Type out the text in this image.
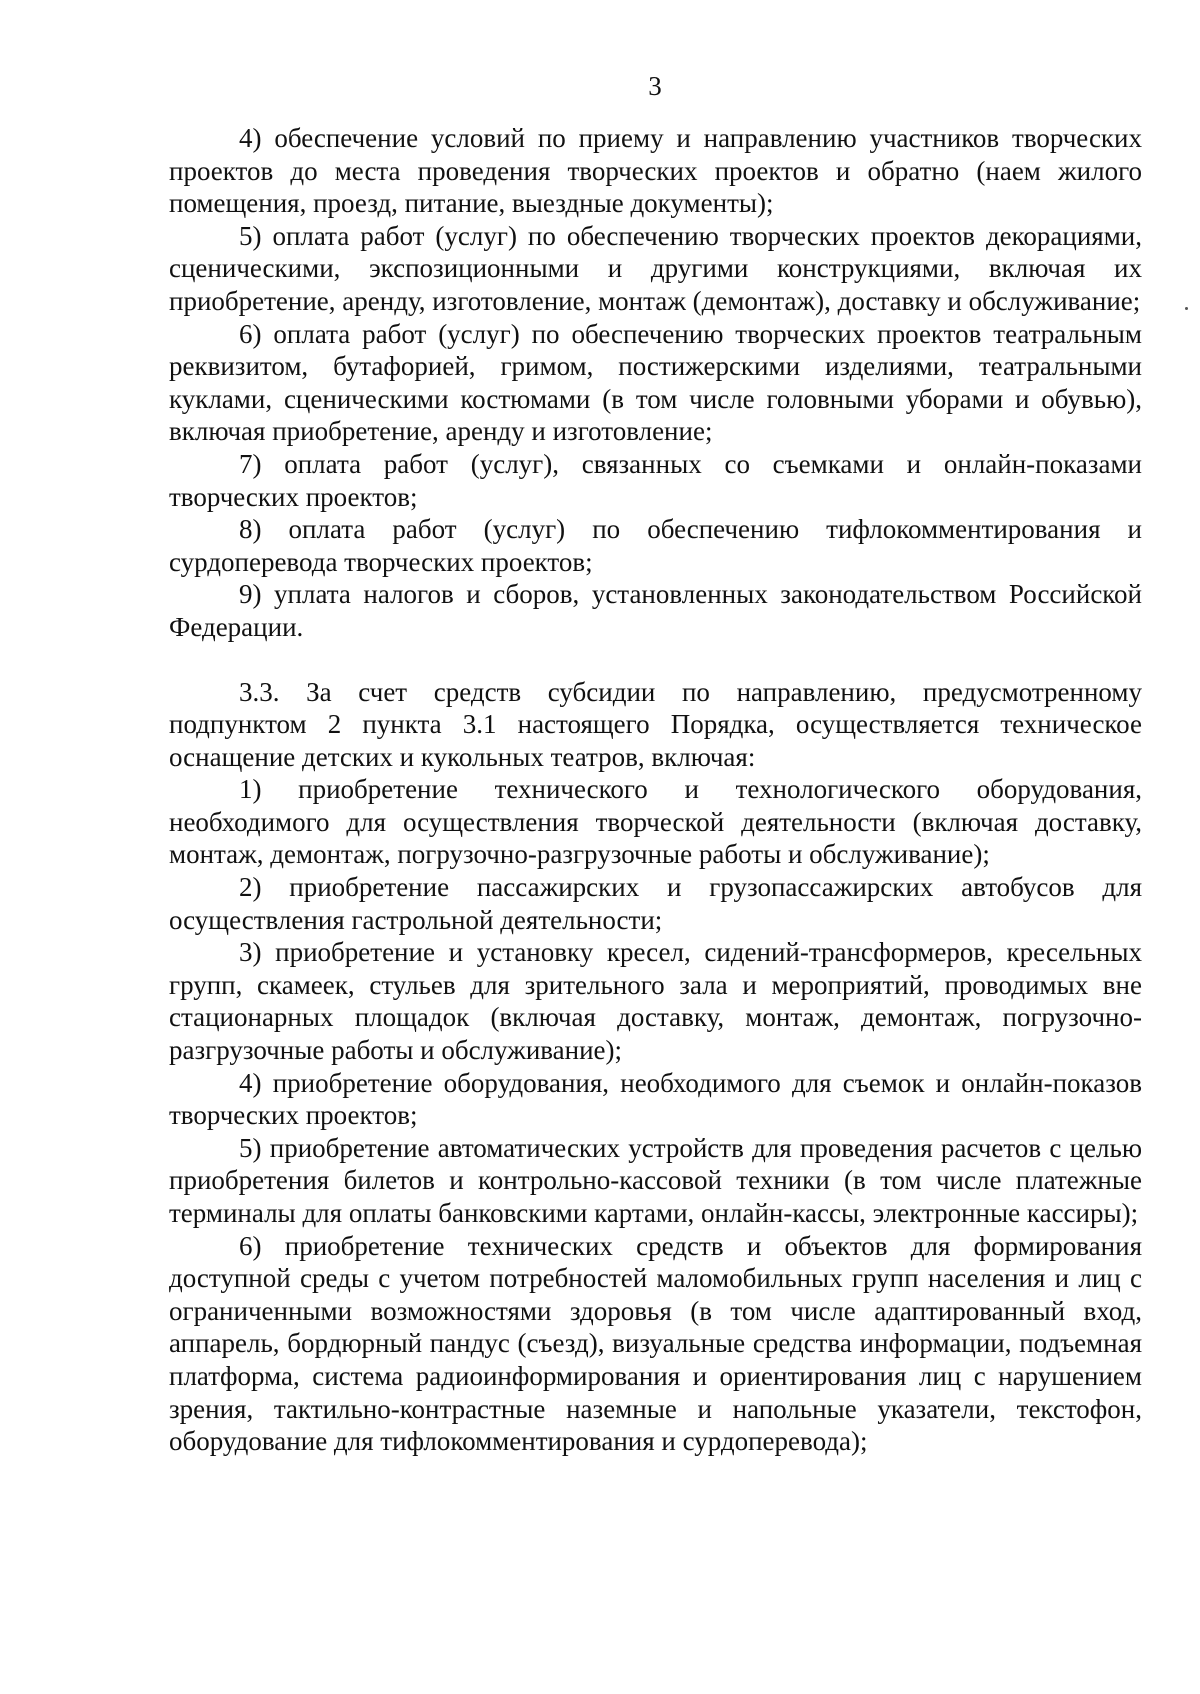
3

4) обеспечение условий по приему и направлению участников творческих проектов до места проведения творческих проектов и обратно (наем жилого помещения, проезд, питание, выездные документы);

5) оплата работ (услуг) по обеспечению творческих проектов декорациями, сценическими, экспозиционными и другими конструкциями, включая их приобретение, аренду, изготовление, монтаж (демонтаж), доставку и обслуживание;

6) оплата работ (услуг) по обеспечению творческих проектов театральным реквизитом, бутафорией, гримом, постижерскими изделиями, театральными куклами, сценическими костюмами (в том числе головными уборами и обувью), включая приобретение, аренду и изготовление;

7) оплата работ (услуг), связанных со съемками и онлайн-показами творческих проектов;

8) оплата работ (услуг) по обеспечению тифлокомментирования и сурдоперевода творческих проектов;

9) уплата налогов и сборов, установленных законодательством Российской Федерации.

3.3. За счет средств субсидии по направлению, предусмотренному подпунктом 2 пункта 3.1 настоящего Порядка, осуществляется техническое оснащение детских и кукольных театров, включая:

1) приобретение технического и технологического оборудования, необходимого для осуществления творческой деятельности (включая доставку, монтаж, демонтаж, погрузочно-разгрузочные работы и обслуживание);

2) приобретение пассажирских и грузопассажирских автобусов для осуществления гастрольной деятельности;

3) приобретение и установку кресел, сидений-трансформеров, кресельных групп, скамеек, стульев для зрительного зала и мероприятий, проводимых вне стационарных площадок (включая доставку, монтаж, демонтаж, погрузочно-разгрузочные работы и обслуживание);

4) приобретение оборудования, необходимого для съемок и онлайн-показов творческих проектов;

5) приобретение автоматических устройств для проведения расчетов с целью приобретения билетов и контрольно-кассовой техники (в том числе платежные терминалы для оплаты банковскими картами, онлайн-кассы, электронные кассиры);

6) приобретение технических средств и объектов для формирования доступной среды с учетом потребностей маломобильных групп населения и лиц с ограниченными возможностями здоровья (в том числе адаптированный вход, аппарель, бордюрный пандус (съезд), визуальные средства информации, подъемная платформа, система радиоинформирования и ориентирования лиц с нарушением зрения, тактильно-контрастные наземные и напольные указатели, текстофон, оборудование для тифлокомментирования и сурдоперевода);
